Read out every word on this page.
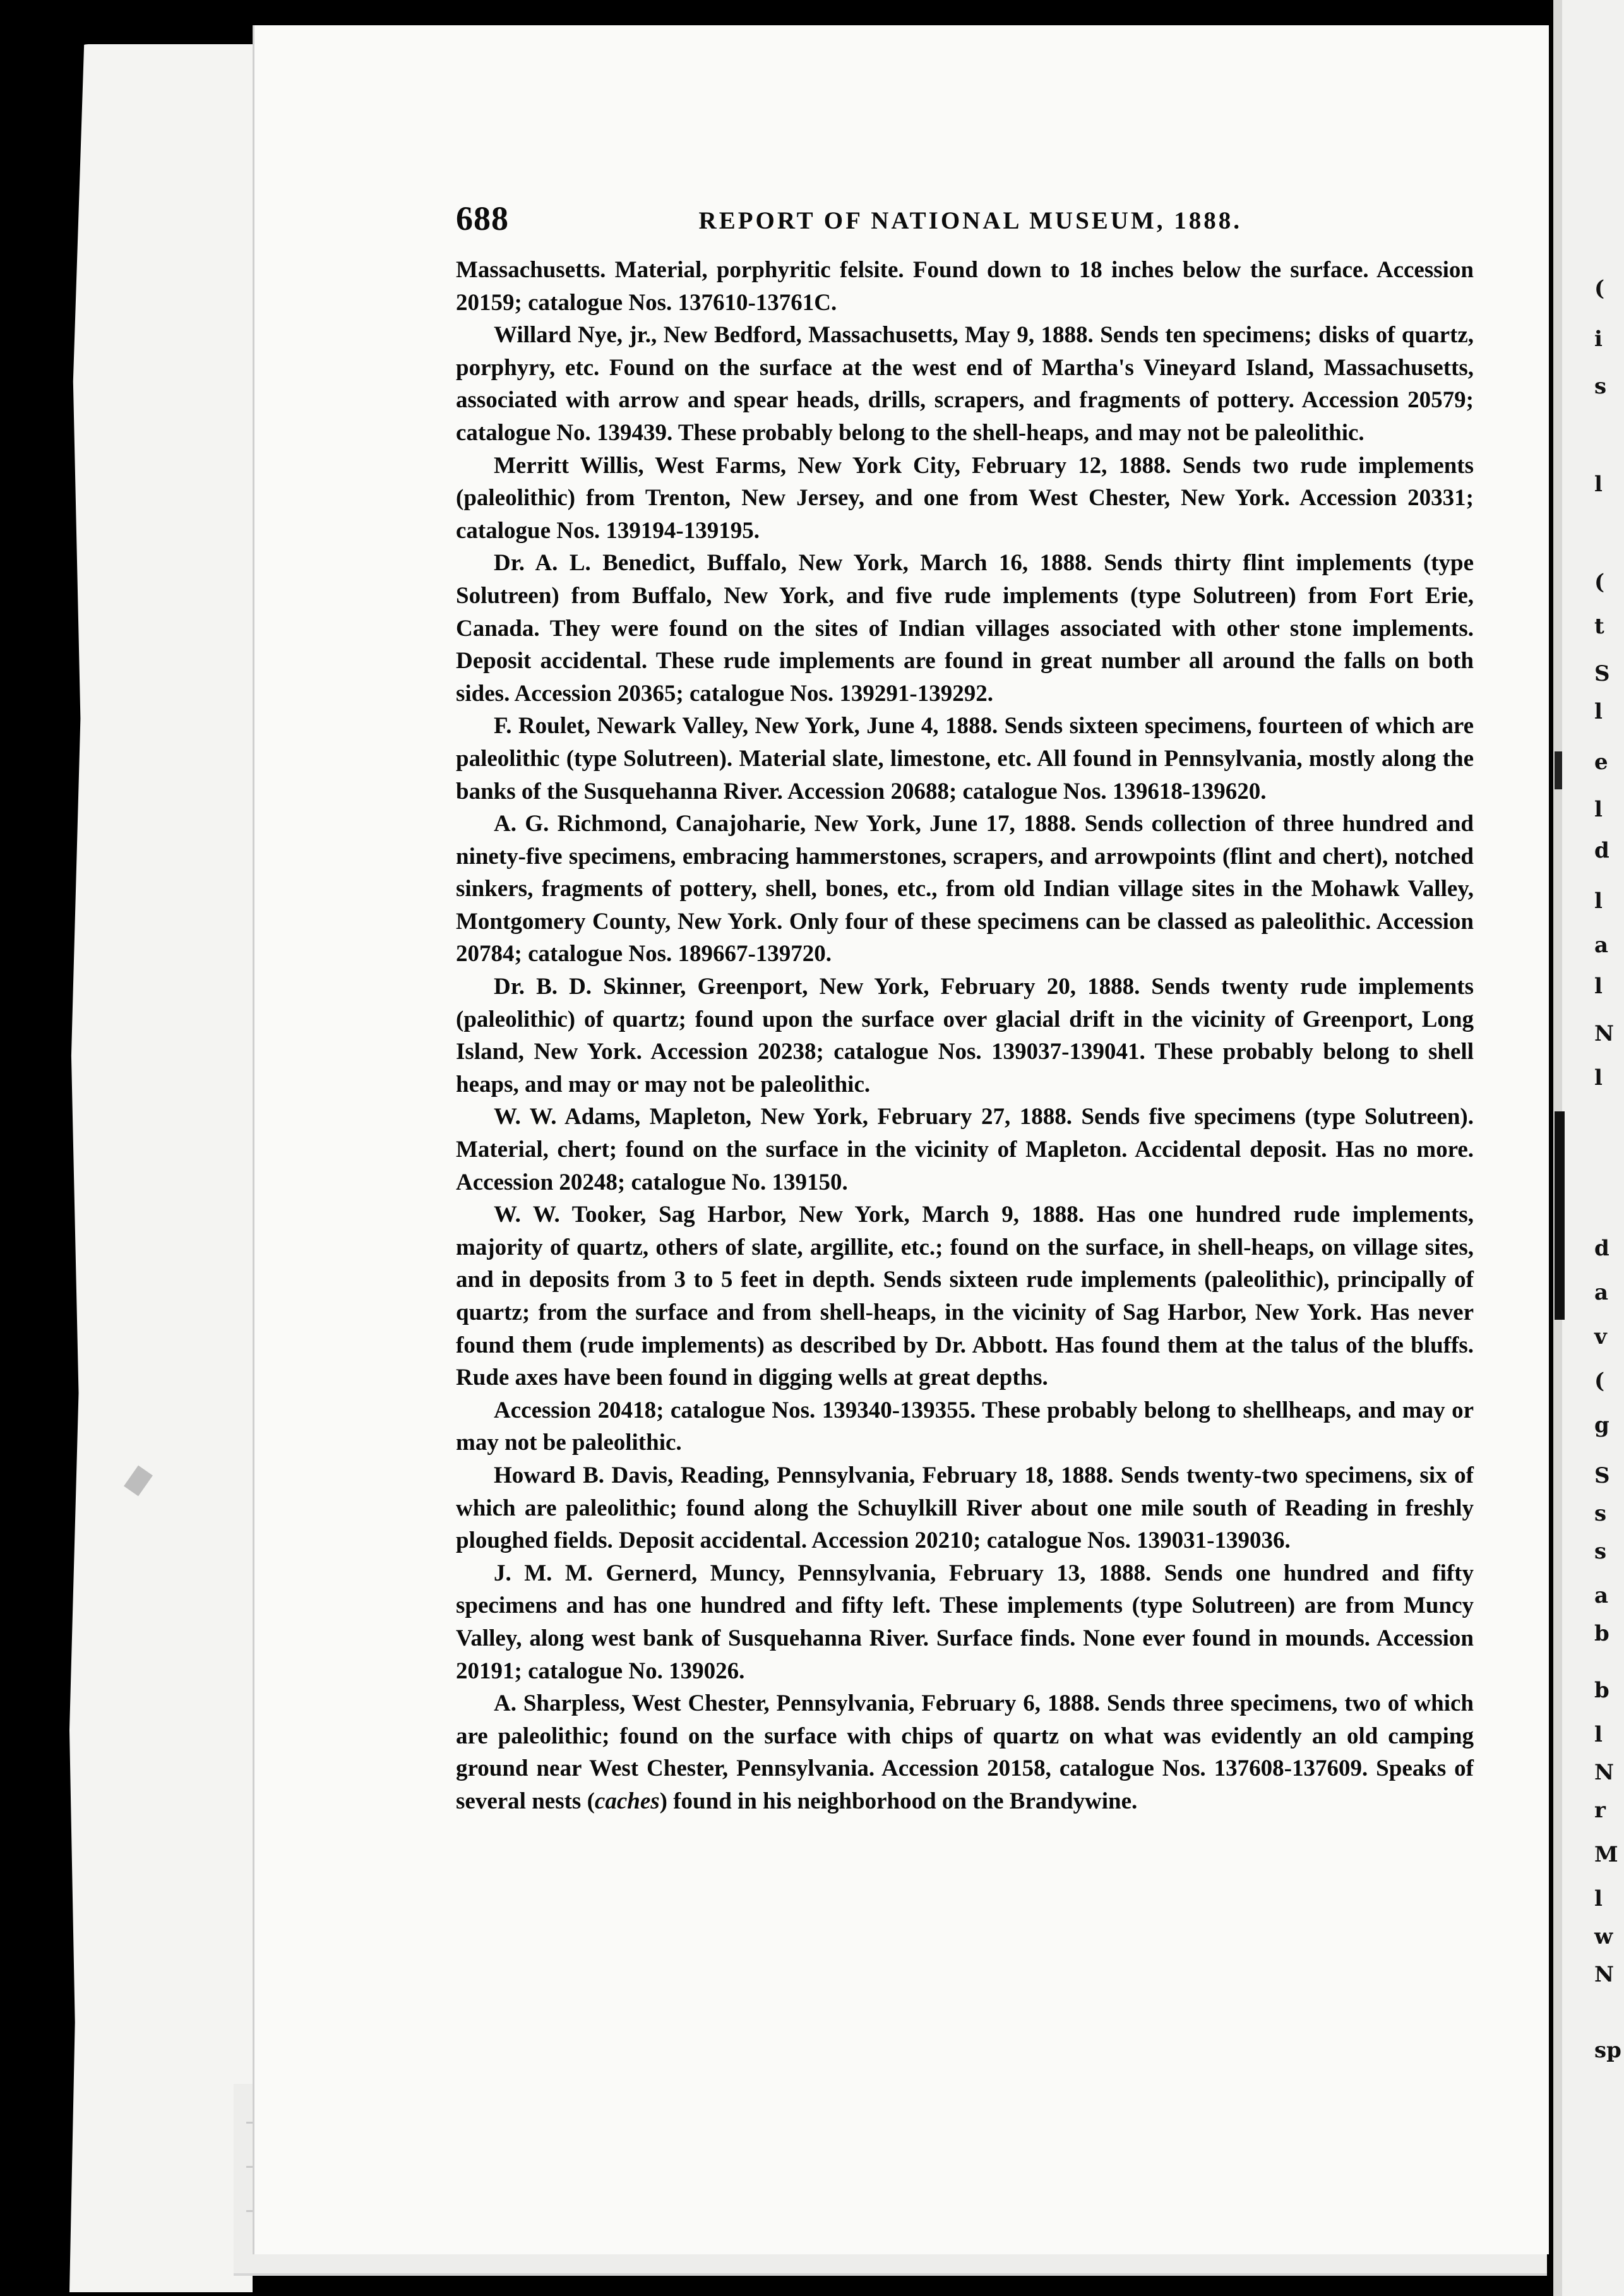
(
i
s
l
(
t
S
l
e
l
d
l
a
l
N
l
d
a
v
(
g
S
s
s
a
b
b
l
N
r
M
l
w
N
sp
688	REPORT OF NATIONAL MUSEUM, 1888.

Massachusetts. Material, porphyritic felsite. Found down to 18 inches below the surface. Accession 20159; catalogue Nos. 137610-13761C.

Willard Nye, jr., New Bedford, Massachusetts, May 9, 1888. Sends ten specimens; disks of quartz, porphyry, etc. Found on the surface at the west end of Martha's Vineyard Island, Massachusetts, associated with arrow and spear heads, drills, scrapers, and fragments of pottery. Accession 20579; catalogue No. 139439. These probably belong to the shell-heaps, and may not be paleolithic.

Merritt Willis, West Farms, New York City, February 12, 1888. Sends two rude implements (paleolithic) from Trenton, New Jersey, and one from West Chester, New York. Accession 20331; catalogue Nos. 139194-139195.

Dr. A. L. Benedict, Buffalo, New York, March 16, 1888. Sends thirty flint implements (type Solutreen) from Buffalo, New York, and five rude implements (type Solutreen) from Fort Erie, Canada. They were found on the sites of Indian villages associated with other stone implements. Deposit accidental. These rude implements are found in great number all around the falls on both sides. Accession 20365; catalogue Nos. 139291-139292.

F. Roulet, Newark Valley, New York, June 4, 1888. Sends sixteen specimens, fourteen of which are paleolithic (type Solutreen). Material slate, limestone, etc. All found in Pennsylvania, mostly along the banks of the Susquehanna River. Accession 20688; catalogue Nos. 139618-139620.

A. G. Richmond, Canajoharie, New York, June 17, 1888. Sends collection of three hundred and ninety-five specimens, embracing hammerstones, scrapers, and arrowpoints (flint and chert), notched sinkers, fragments of pottery, shell, bones, etc., from old Indian village sites in the Mohawk Valley, Montgomery County, New York. Only four of these specimens can be classed as paleolithic. Accession 20784; catalogue Nos. 189667-139720.

Dr. B. D. Skinner, Greenport, New York, February 20, 1888. Sends twenty rude implements (paleolithic) of quartz; found upon the surface over glacial drift in the vicinity of Greenport, Long Island, New York. Accession 20238; catalogue Nos. 139037-139041. These probably belong to shell heaps, and may or may not be paleolithic.

W. W. Adams, Mapleton, New York, February 27, 1888. Sends five specimens (type Solutreen). Material, chert; found on the surface in the vicinity of Mapleton. Accidental deposit. Has no more. Accession 20248; catalogue No. 139150.

W. W. Tooker, Sag Harbor, New York, March 9, 1888. Has one hundred rude implements, majority of quartz, others of slate, argillite, etc.; found on the surface, in shell-heaps, on village sites, and in deposits from 3 to 5 feet in depth. Sends sixteen rude implements (paleolithic), principally of quartz; from the surface and from shell-heaps, in the vicinity of Sag Harbor, New York. Has never found them (rude implements) as described by Dr. Abbott. Has found them at the talus of the bluffs. Rude axes have been found in digging wells at great depths.

Accession 20418; catalogue Nos. 139340-139355. These probably belong to shellheaps, and may or may not be paleolithic.

Howard B. Davis, Reading, Pennsylvania, February 18, 1888. Sends twenty-two specimens, six of which are paleolithic; found along the Schuylkill River about one mile south of Reading in freshly ploughed fields. Deposit accidental. Accession 20210; catalogue Nos. 139031-139036.

J. M. M. Gernerd, Muncy, Pennsylvania, February 13, 1888. Sends one hundred and fifty specimens and has one hundred and fifty left. These implements (type Solutreen) are from Muncy Valley, along west bank of Susquehanna River. Surface finds. None ever found in mounds. Accession 20191; catalogue No. 139026.

A. Sharpless, West Chester, Pennsylvania, February 6, 1888. Sends three specimens, two of which are paleolithic; found on the surface with chips of quartz on what was evidently an old camping ground near West Chester, Pennsylvania. Accession 20158, catalogue Nos. 137608-137609. Speaks of several nests (caches) found in his neighborhood on the Brandywine.
